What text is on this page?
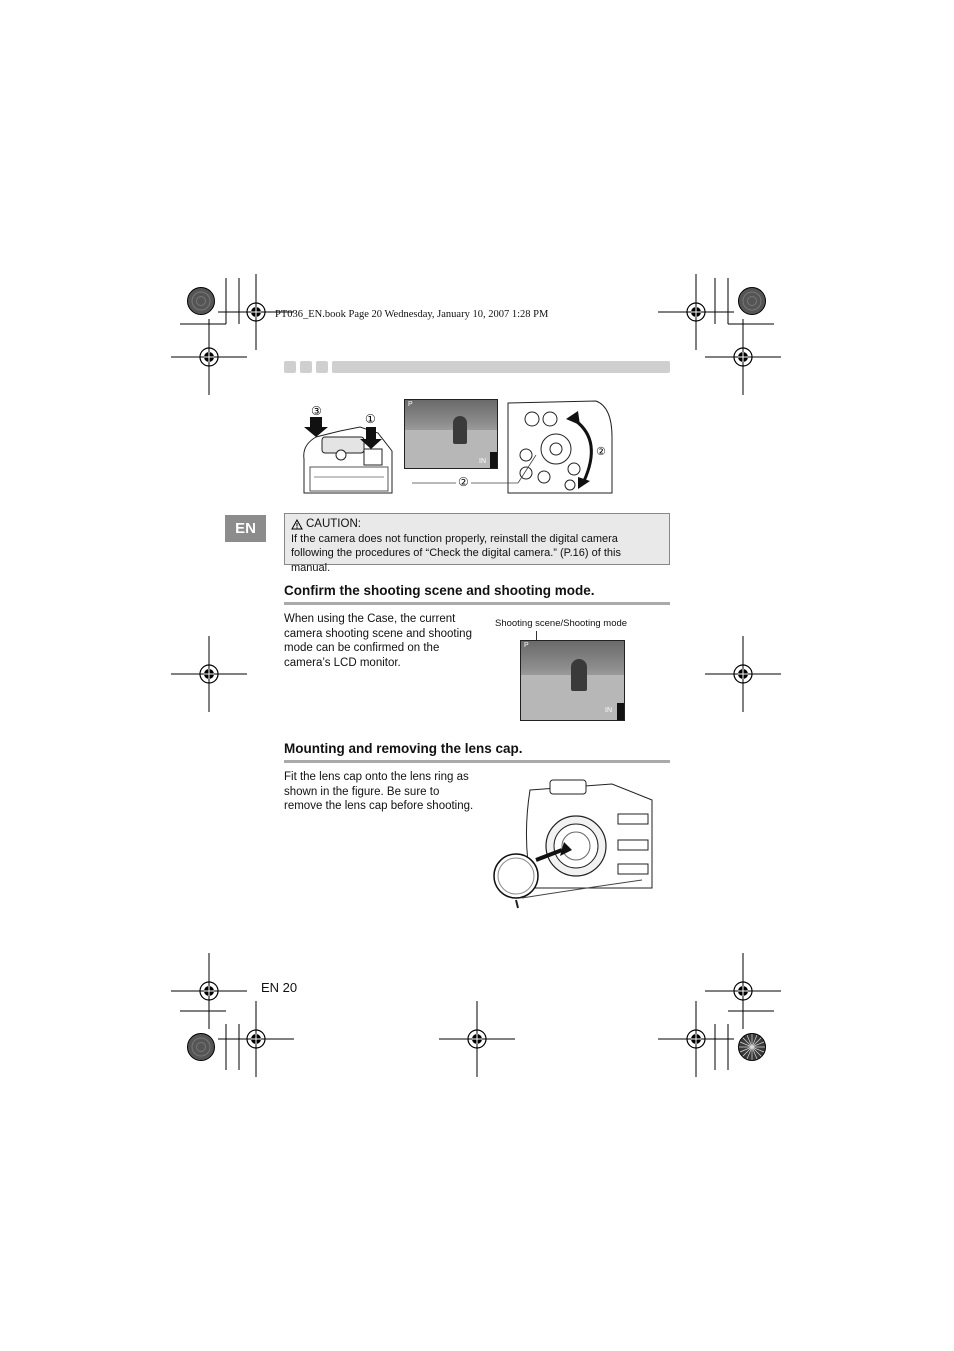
PT036_EN.book Page 20 Wednesday, January 10, 2007 1:28 PM
③
①
P
IN
②
②
EN	CAUTION:
If the camera does not function properly, reinstall the digital camera following the procedures of “Check the digital camera.” (P.16) of this manual.
Confirm the shooting scene and shooting mode.
When using the Case, the current camera shooting scene and shooting mode can be confirmed on the camera’s LCD monitor.
Shooting scene/Shooting mode
P
IN
Mounting and removing the lens cap.
Fit the lens cap onto the lens ring as shown in the figure. Be sure to remove the lens cap before shooting.
EN 20
